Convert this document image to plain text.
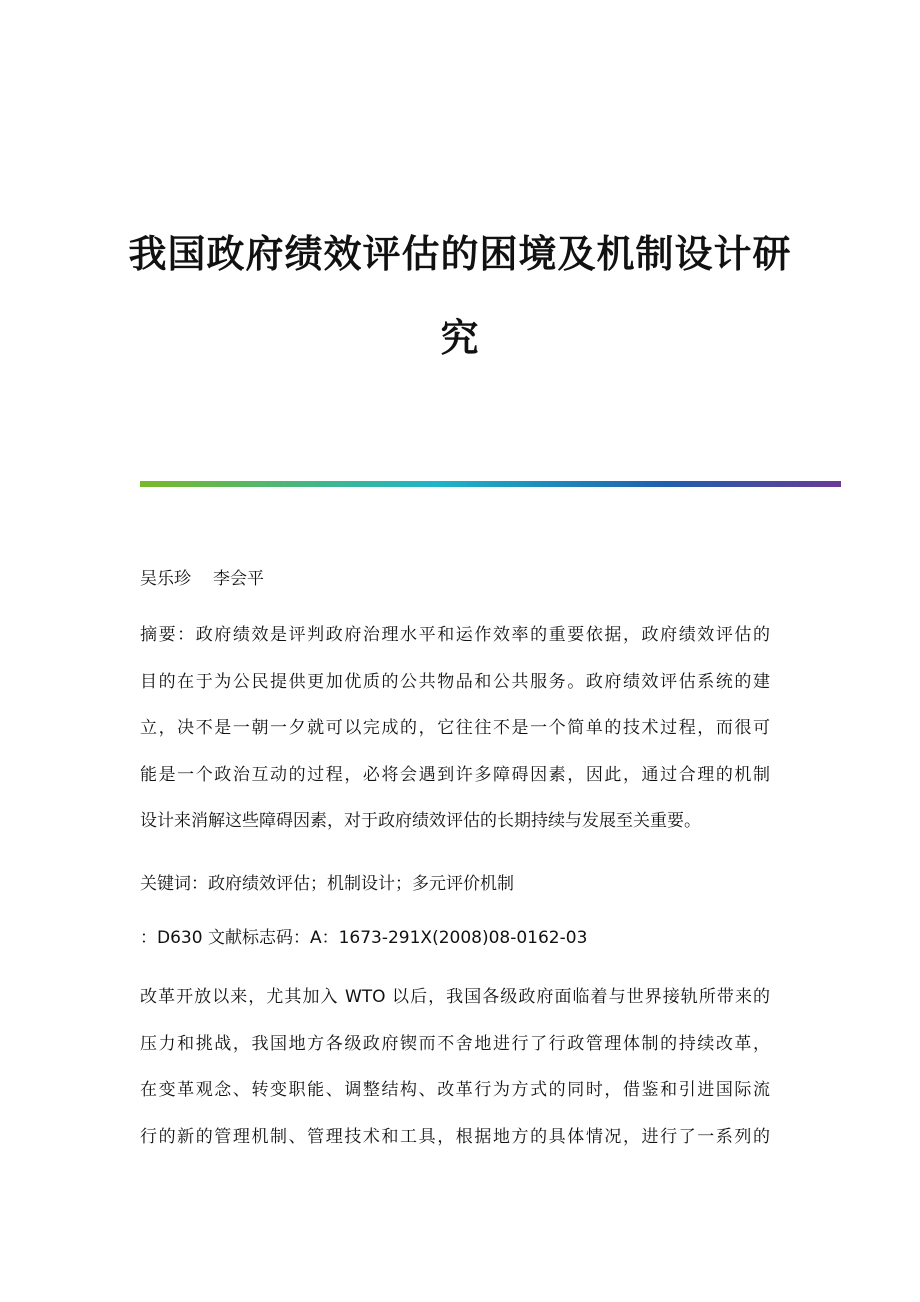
我国政府绩效评估的困境及机制设计研
究
吴乐珍 李会平
摘要：政府绩效是评判政府治理水平和运作效率的重要依据，政府绩效评估的
目的在于为公民提供更加优质的公共物品和公共服务。政府绩效评估系统的建
立，决不是一朝一夕就可以完成的，它往往不是一个简单的技术过程，而很可
能是一个政治互动的过程，必将会遇到许多障碍因素，因此，通过合理的机制
设计来消解这些障碍因素，对于政府绩效评估的长期持续与发展至关重要。
关键词：政府绩效评估；机制设计；多元评价机制
：D630 文献标志码：A：1673-291X(2008)08-0162-03
改革开放以来，尤其加入 WTO 以后，我国各级政府面临着与世界接轨所带来的
压力和挑战，我国地方各级政府锲而不舍地进行了行政管理体制的持续改革，
在变革观念、转变职能、调整结构、改革行为方式的同时，借鉴和引进国际流
行的新的管理机制、管理技术和工具，根据地方的具体情况，进行了一系列的
